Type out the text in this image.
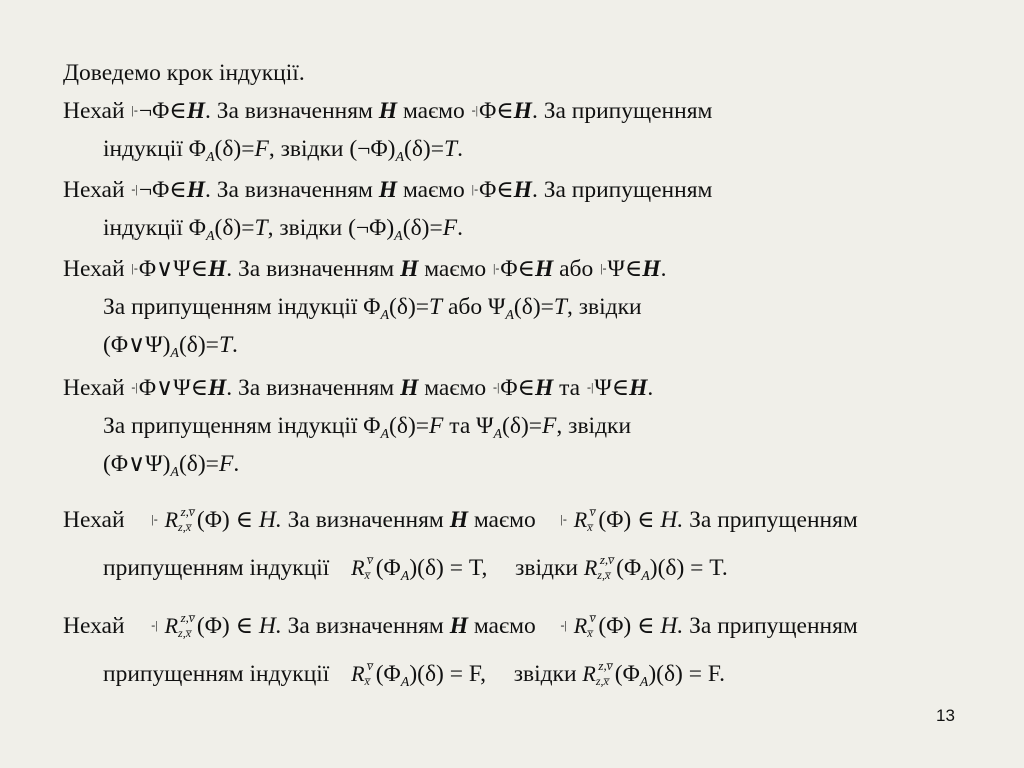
Доведемо крок індукції.
Нехай |-¬Φ∈H. За визначенням H маємо -|Φ∈H. За припущенням
індукції $\Phi_A(\delta)=F$, звідки $(\neg\Phi)_A(\delta)=T$.
Нехай -|¬Φ∈H. За визначенням H маємо |-Φ∈H. За припущенням
індукції $\Phi_A(\delta)=T$, звідки $(\neg\Phi)_A(\delta)=F$.
Нехай |-Φ∨Ψ∈H. За визначенням H маємо |-Φ∈H або |-Ψ∈H.
За припущенням індукції $\Phi_A(\delta)=T$ або $\Psi_A(\delta)=T$, звідки
$(\Phi\vee\Psi)_A(\delta)=T$.
Нехай -|Φ∨Ψ∈H. За визначенням H маємо -|Φ∈H та -|Ψ∈H.
За припущенням індукції $\Phi_A(\delta)=F$ та $\Psi_A(\delta)=F$, звідки
$(\Phi\vee\Psi)_A(\delta)=F$.
Нехай |- Rz,x̅
z,v̅ (Φ) ∈ H. За визначенням H маємо |- Rx̅
v̅ (Φ) ∈ H. За припущенням
припущенням індукції Rx̅
v̅ $(\Phi_A)(\delta) = T$,  звідки Rz,x̅
z,v̅ $(\Phi_A)(\delta) = T$.
Нехай -| Rz,x̅
z,v̅ (Φ) ∈ H. За визначенням H маємо -| Rx̅
v̅ (Φ) ∈ H. За припущенням
припущенням індукції Rx̅
v̅ $(\Phi_A)(\delta) = F$,  звідки Rz,x̅
z,v̅ $(\Phi_A)(\delta) = F$.
13
